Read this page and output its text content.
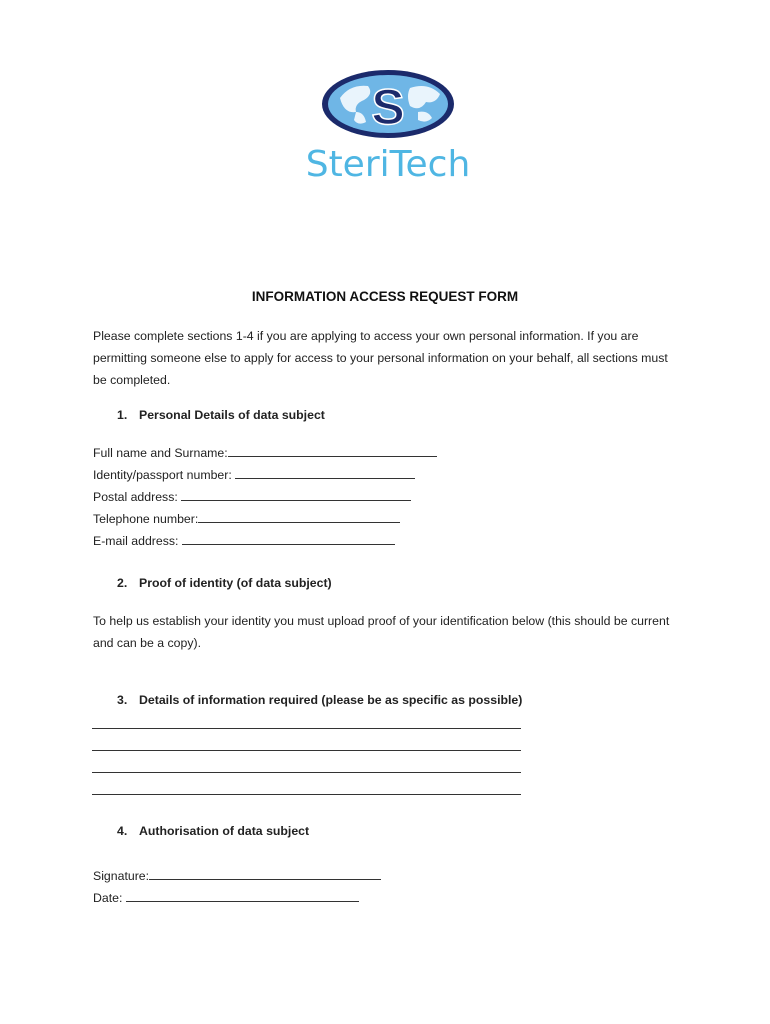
S
SteriTech
INFORMATION ACCESS REQUEST FORM
Please complete sections 1-4 if you are applying to access your own personal information. If you are permitting someone else to apply for access to your personal information on your behalf, all sections must be completed.
1. Personal Details of data subject
Full name and Surname:
Identity/passport number:
Postal address:
Telephone number:
E-mail address:
2. Proof of identity (of data subject)
To help us establish your identity you must upload proof of your identification below (this should be current and can be a copy).
3. Details of information required (please be as specific as possible)
4. Authorisation of data subject
Signature:
Date:
